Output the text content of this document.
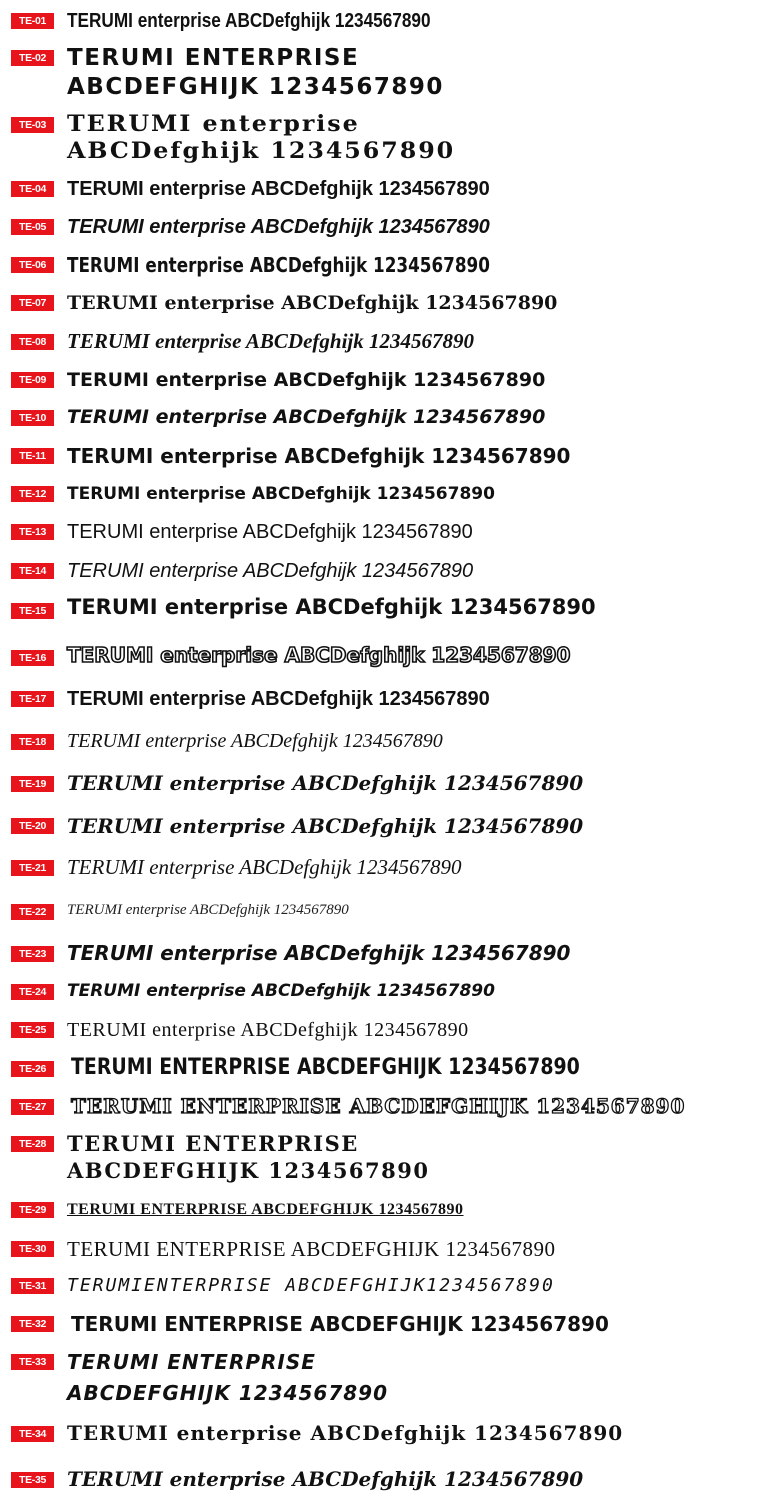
TE-01	TERUMI enterprise ABCDefghijk 1234567890
TE-02 TERUMI ENTERPRISE
ABCDEFGHIJK 1234567890
TE-03 TERUMI enterprise
ABCDefghijk 1234567890
TE-04	TERUMI enterprise ABCDefghijk 1234567890
TE-05	TERUMI enterprise ABCDefghijk 1234567890
TE-06	TERUMI enterprise ABCDefghijk 1234567890
TE-07	TERUMI enterprise ABCDefghijk 1234567890
TE-08 TERUMI enterprise ABCDefghijk 1234567890
TE-09	TERUMI enterprise ABCDefghijk 1234567890
TE-10	TERUMI enterprise ABCDefghijk 1234567890
TE-11	TERUMI enterprise ABCDefghijk 1234567890
TE-12	TERUMI enterprise ABCDefghijk 1234567890
TE-13	TERUMI enterprise ABCDefghijk 1234567890
TE-14	TERUMI enterprise ABCDefghijk 1234567890
TE-15 TERUMI enterprise ABCDefghijk 1234567890
TE-16	TERUMI enterprise ABCDefghijk 1234567890
TE-17	TERUMI enterprise ABCDefghijk 1234567890
TE-18	TERUMI enterprise ABCDefghijk 1234567890
TE-19	TERUMI enterprise ABCDefghijk 1234567890
TE-20	TERUMI enterprise ABCDefghijk 1234567890
TE-21 TERUMI enterprise ABCDefghijk 1234567890
TE-22	TERUMI enterprise ABCDefghijk 1234567890
TE-23	TERUMI enterprise ABCDefghijk 1234567890
TE-24	TERUMI enterprise ABCDefghijk 1234567890
TE-25	TERUMI enterprise ABCDefghijk 1234567890
TE-26	TERUMI ENTERPRISE ABCDEFGHIJK 1234567890
TE-27	TERUMI ENTERPRISE ABCDEFGHIJK 1234567890
TE-28 TERUMI ENTERPRISE
ABCDEFGHIJK 1234567890
TE-29	TERUMI ENTERPRISE ABCDEFGHIJK 1234567890
TE-30 TERUMI ENTERPRISE ABCDEFGHIJK 1234567890
TE-31	TERUMIENTERPRISE ABCDEFGHIJK1234567890
TE-32	TERUMI ENTERPRISE ABCDEFGHIJK 1234567890
TE-33	TERUMI ENTERPRISE
ABCDEFGHIJK 1234567890
TE-34	TERUMI enterprise ABCDefghijk 1234567890
TE-35	TERUMI enterprise ABCDefghijk 1234567890
